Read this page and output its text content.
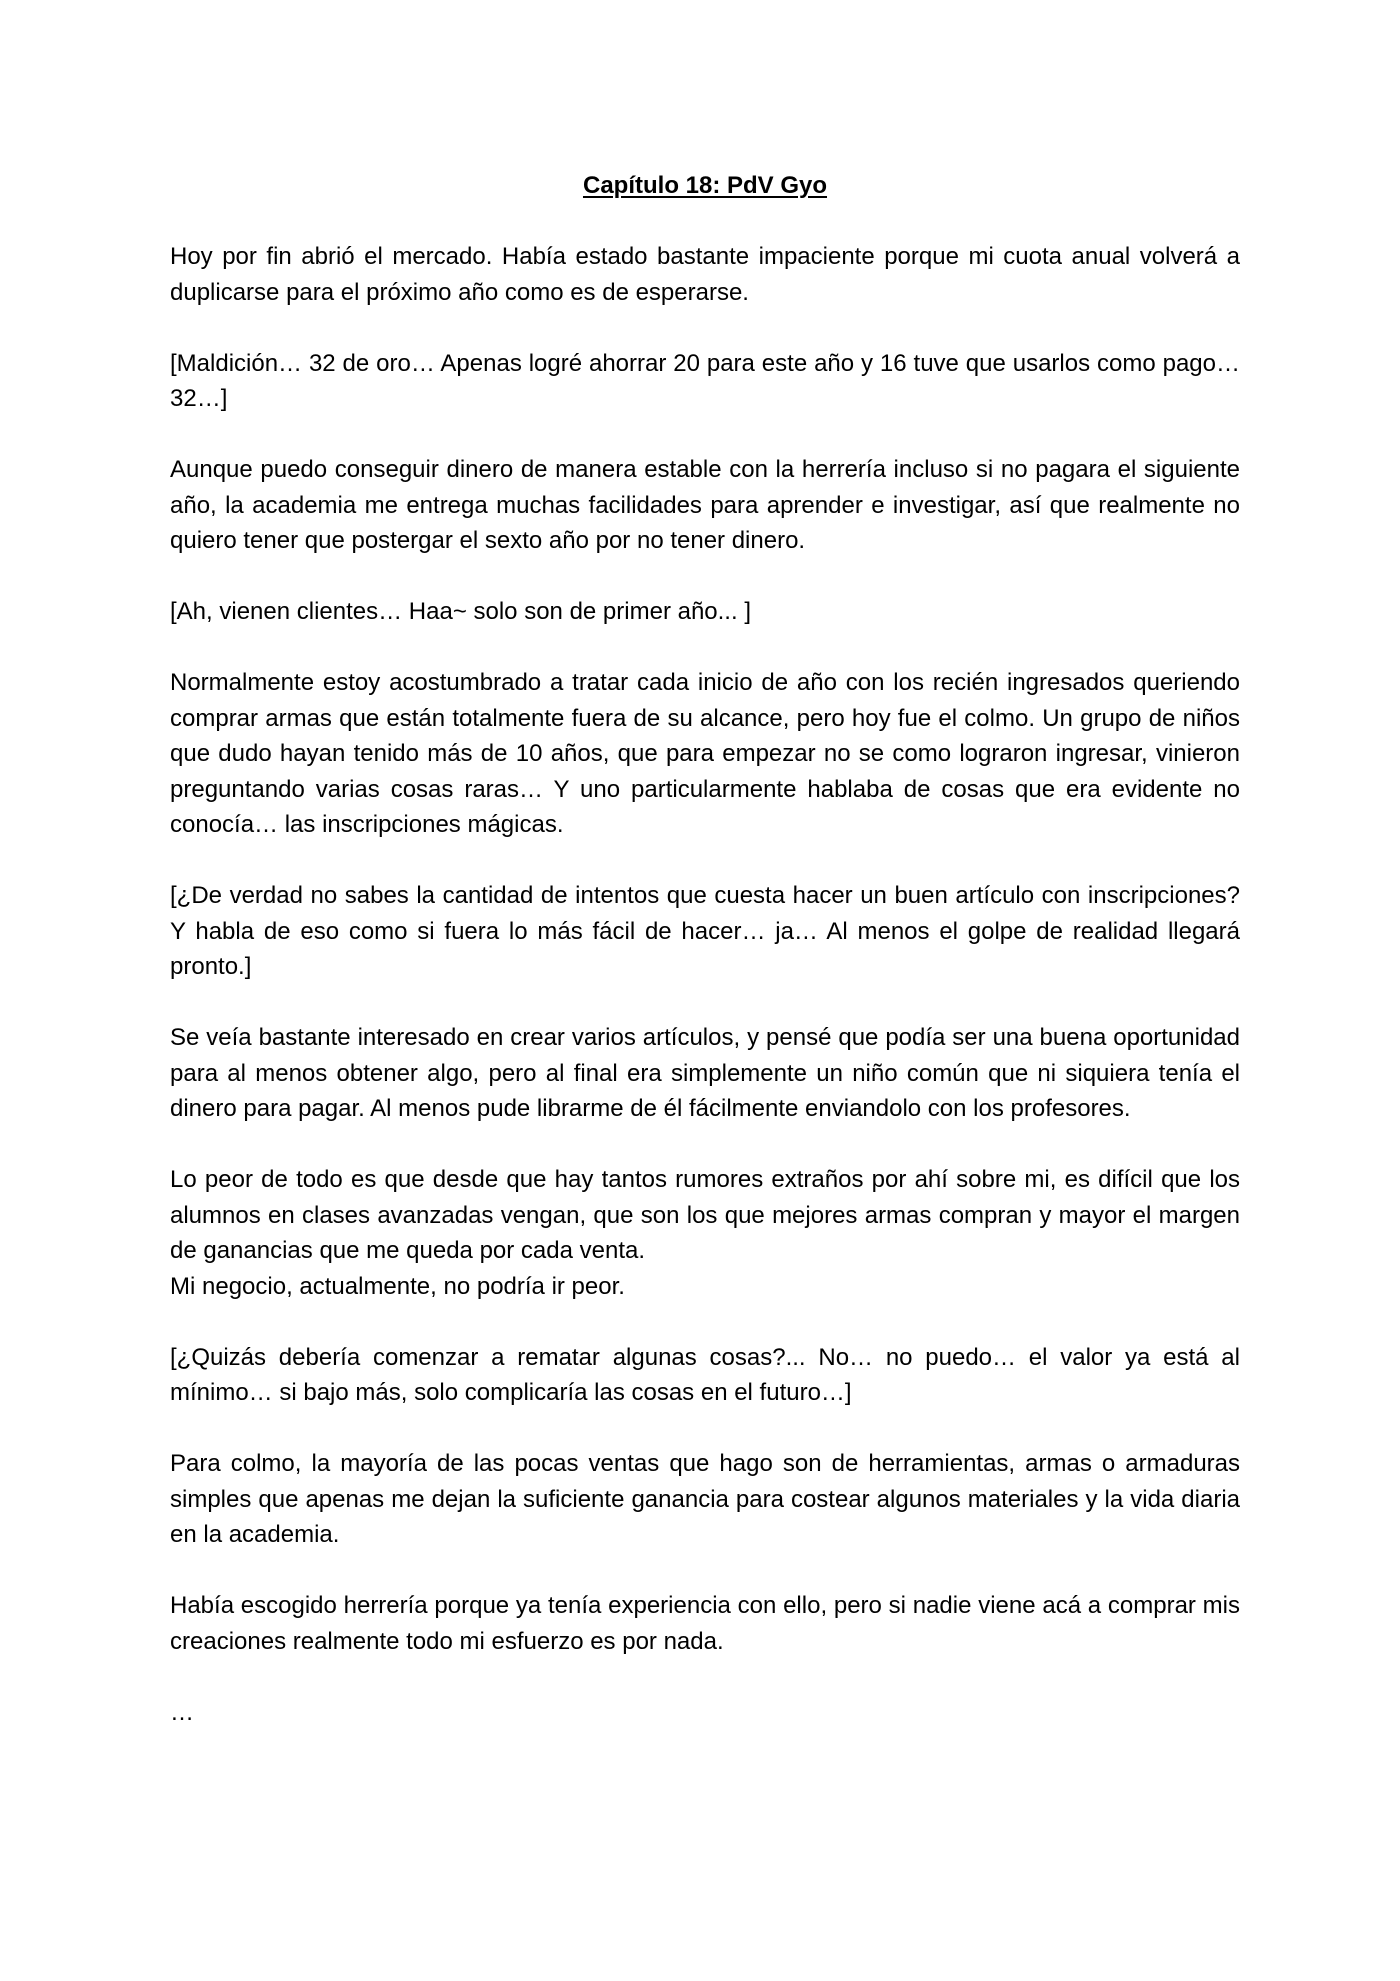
Capítulo 18: PdV Gyo

Hoy por fin abrió el mercado. Había estado bastante impaciente porque mi cuota anual volverá a duplicarse para el próximo año como es de esperarse.

[Maldición… 32 de oro… Apenas logré ahorrar 20 para este año y 16 tuve que usarlos como pago… 32…]

Aunque puedo conseguir dinero de manera estable con la herrería incluso si no pagara el siguiente año, la academia me entrega muchas facilidades para aprender e investigar, así que realmente no quiero tener que postergar el sexto año por no tener dinero.

[Ah, vienen clientes… Haa~ solo son de primer año... ]

Normalmente estoy acostumbrado a tratar cada inicio de año con los recién ingresados queriendo comprar armas que están totalmente fuera de su alcance, pero hoy fue el colmo. Un grupo de niños que dudo hayan tenido más de 10 años, que para empezar no se como lograron ingresar, vinieron preguntando varias cosas raras… Y uno particularmente hablaba de cosas que era evidente no conocía… las inscripciones mágicas.

[¿De verdad no sabes la cantidad de intentos que cuesta hacer un buen artículo con inscripciones? Y habla de eso como si fuera lo más fácil de hacer… ja… Al menos el golpe de realidad llegará pronto.]

Se veía bastante interesado en crear varios artículos, y pensé que podía ser una buena oportunidad para al menos obtener algo, pero al final era simplemente un niño común que ni siquiera tenía el dinero para pagar. Al menos pude librarme de él fácilmente enviandolo con los profesores.

Lo peor de todo es que desde que hay tantos rumores extraños por ahí sobre mi, es difícil que los alumnos en clases avanzadas vengan, que son los que mejores armas compran y mayor el margen de ganancias que me queda por cada venta.

Mi negocio, actualmente, no podría ir peor.

[¿Quizás debería comenzar a rematar algunas cosas?... No… no puedo… el valor ya está al mínimo… si bajo más, solo complicaría las cosas en el futuro…]

Para colmo, la mayoría de las pocas ventas que hago son de herramientas, armas o armaduras simples que apenas me dejan la suficiente ganancia para costear algunos materiales y la vida diaria en la academia.

Había escogido herrería porque ya tenía experiencia con ello, pero si nadie viene acá a comprar mis creaciones realmente todo mi esfuerzo es por nada.

…
